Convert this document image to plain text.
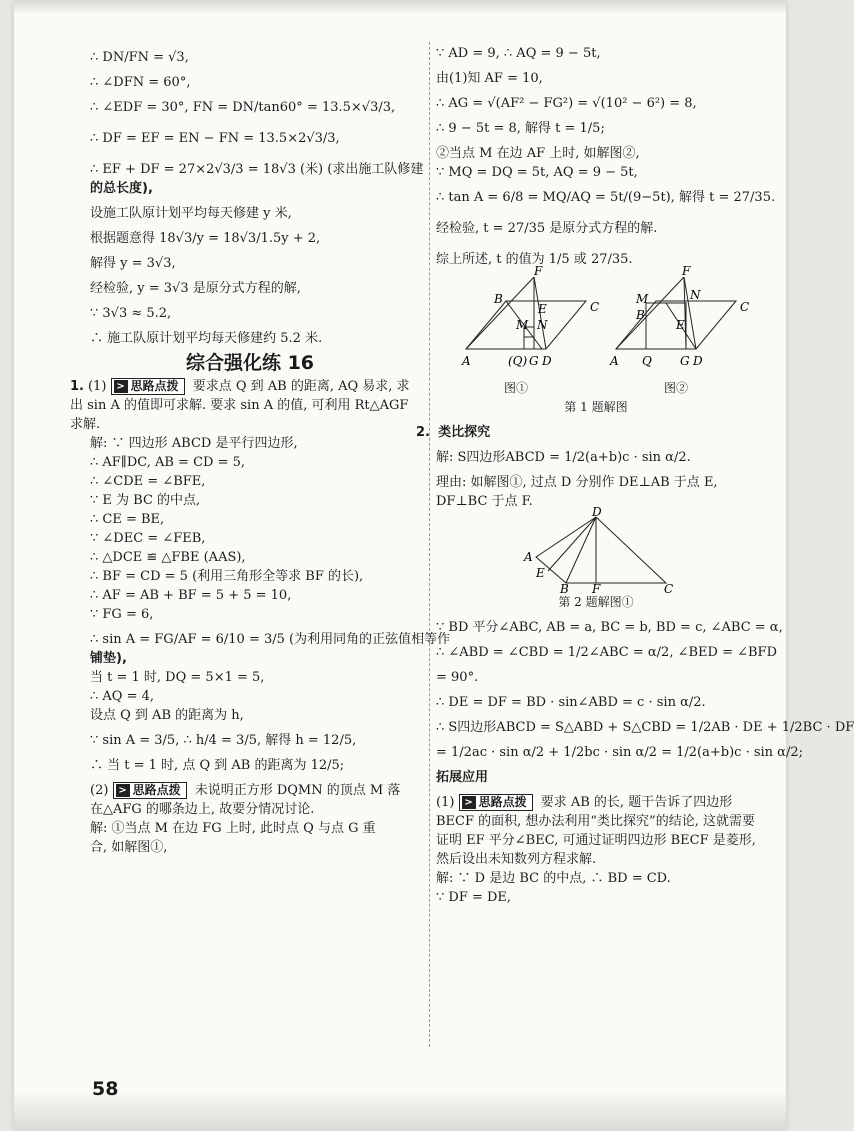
∴ DN/FN = √3,
∴ ∠DFN = 60°,
∴ ∠EDF = 30°, FN = DN/tan60° = 13.5×√3/3,
∴ DF = EF = EN − FN = 13.5×2√3/3,
∴ EF + DF = 27×2√3/3 = 18√3 (米) (求出施工队修建
的总长度),
设施工队原计划平均每天修建 y 米,
根据题意得 18√3/y = 18√3/1.5y + 2,
解得 y = 3√3,
经检验, y = 3√3 是原分式方程的解,
∵ 3√3 ≈ 5.2,
∴ 施工队原计划平均每天修建约 5.2 米.
综合强化练 16
1. (1) > 思路点拨 要求点 Q 到 AB 的距离, AQ 易求, 求出 sin A 的值即可求解. 要求 sin A 的值, 可利用 Rt△AGF 求解.
解: ∵ 四边形 ABCD 是平行四边形,
∴ AF∥DC, AB = CD = 5,
∴ ∠CDE = ∠BFE,
∵ E 为 BC 的中点,
∴ CE = BE,
∵ ∠DEC = ∠FEB,
∴ △DCE ≌ △FBE (AAS),
∴ BF = CD = 5 (利用三角形全等求 BF 的长),
∴ AF = AB + BF = 5 + 5 = 10,
∵ FG = 6,
∴ sin A = FG/AF = 6/10 = 3/5 (为利用同角的正弦值相等作
铺垫),
当 t = 1 时, DQ = 5×1 = 5,
∴ AQ = 4,
设点 Q 到 AB 的距离为 h,
∵ sin A = 3/5, ∴ h/4 = 3/5, 解得 h = 12/5,
∴ 当 t = 1 时, 点 Q 到 AB 的距离为 12/5;
(2) > 思路点拨 未说明正方形 DQMN 的顶点 M 落在△AFG 的哪条边上, 故要分情况讨论.
解: ①当点 M 在边 FG 上时, 此时点 Q 与点 G 重
合, 如解图①,
∵ AD = 9, ∴ AQ = 9 − 5t,
由(1)知 AF = 10,
∴ AG = √(AF² − FG²) = √(10² − 6²) = 8,
∴ 9 − 5t = 8, 解得 t = 1/5;
②当点 M 在边 AF 上时, 如解图②,
∵ MQ = DQ = 5t, AQ = 9 − 5t,
∴ tan A = 6/8 = MQ/AQ = 5t/(9−5t), 解得 t = 27/35.
经检验, t = 27/35 是原分式方程的解.
综上所述, t 的值为 1/5 或 27/35.
F
B
M
E	C
N
A	(Q) G D
F
M	N
B
E
C
A Q G D
图①	图②
第 1 题解图
2. 类比探究
解: S四边形ABCD = 1/2(a+b)c · sin α/2.
理由: 如解图①, 过点 D 分别作 DE⊥AB 于点 E,
DF⊥BC 于点 F.
D
A
E
B F	C
第 2 题解图①
∵ BD 平分∠ABC, AB = a, BC = b, BD = c, ∠ABC = α,
∴ ∠ABD = ∠CBD = 1/2∠ABC = α/2, ∠BED = ∠BFD
= 90°.
∴ DE = DF = BD · sin∠ABD = c · sin α/2.
∴ S四边形ABCD = S△ABD + S△CBD = 1/2AB · DE + 1/2BC · DF
= 1/2ac · sin α/2 + 1/2bc · sin α/2 = 1/2(a+b)c · sin α/2;
拓展应用
(1) > 思路点拨 要求 AB 的长, 题干告诉了四边形 BECF 的面积, 想办法利用“类比探究”的结论, 这就需要证明 EF 平分∠BEC, 可通过证明四边形 BECF 是菱形, 然后设出未知数列方程求解.
解: ∵ D 是边 BC 的中点, ∴ BD = CD.
∵ DF = DE,
58
